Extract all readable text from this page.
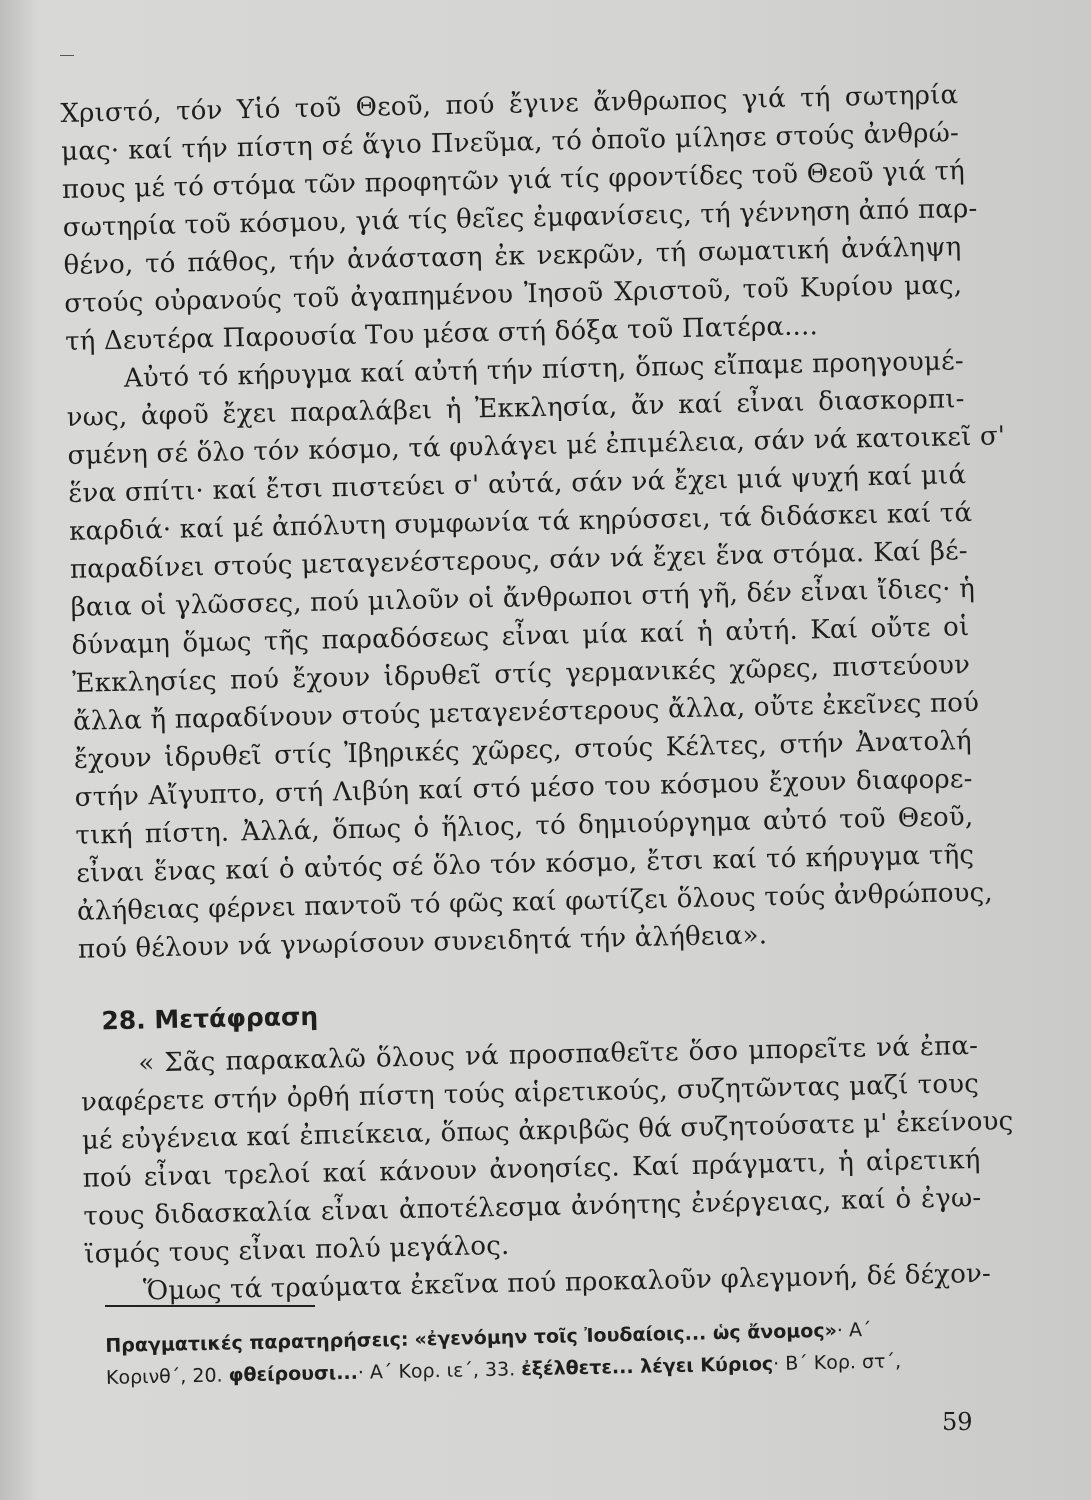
Χριστό, τόν Υἱό τοῦ Θεοῦ, πού ἔγινε ἄνθρωπος γιά τή σωτηρία
μας· καί τήν πίστη σέ ἅγιο Πνεῦμα, τό ὁποῖο μίλησε στούς ἀνθρώ-
πους μέ τό στόμα τῶν προφητῶν γιά τίς φροντίδες τοῦ Θεοῦ γιά τή
σωτηρία τοῦ κόσμου, γιά τίς θεῖες ἐμφανίσεις, τή γέννηση ἀπό παρ-
θένο, τό πάθος, τήν ἀνάσταση ἐκ νεκρῶν, τή σωματική ἀνάληψη
στούς οὐρανούς τοῦ ἀγαπημένου Ἰησοῦ Χριστοῦ, τοῦ Κυρίου μας,
τή Δευτέρα Παρουσία Του μέσα στή δόξα τοῦ Πατέρα....
Αὐτό τό κήρυγμα καί αὐτή τήν πίστη, ὅπως εἴπαμε προηγουμέ-
νως, ἀφοῦ ἔχει παραλάβει ἡ Ἐκκλησία, ἄν καί εἶναι διασκορπι-
σμένη σέ ὅλο τόν κόσμο, τά φυλάγει μέ ἐπιμέλεια, σάν νά κατοικεῖ σ'
ἕνα σπίτι· καί ἔτσι πιστεύει σ' αὐτά, σάν νά ἔχει μιά ψυχή καί μιά
καρδιά· καί μέ ἀπόλυτη συμφωνία τά κηρύσσει, τά διδάσκει καί τά
παραδίνει στούς μεταγενέστερους, σάν νά ἔχει ἕνα στόμα. Καί βέ-
βαια οἱ γλῶσσες, πού μιλοῦν οἱ ἄνθρωποι στή γῆ, δέν εἶναι ἴδιες· ἡ
δύναμη ὅμως τῆς παραδόσεως εἶναι μία καί ἡ αὐτή. Καί οὔτε οἱ
Ἐκκλησίες πού ἔχουν ἱδρυθεῖ στίς γερμανικές χῶρες, πιστεύουν
ἄλλα ἤ παραδίνουν στούς μεταγενέστερους ἄλλα, οὔτε ἐκεῖνες πού
ἔχουν ἱδρυθεῖ στίς Ἰβηρικές χῶρες, στούς Κέλτες, στήν Ἀνατολή
στήν Αἴγυπτο, στή Λιβύη καί στό μέσο του κόσμου ἔχουν διαφορε-
τική πίστη. Ἀλλά, ὅπως ὁ ἥλιος, τό δημιούργημα αὐτό τοῦ Θεοῦ,
εἶναι ἕνας καί ὁ αὐτός σέ ὅλο τόν κόσμο, ἔτσι καί τό κήρυγμα τῆς
ἀλήθειας φέρνει παντοῦ τό φῶς καί φωτίζει ὅλους τούς ἀνθρώπους,
πού θέλουν νά γνωρίσουν συνειδητά τήν ἀλήθεια».
28. Μετάφραση
« Σᾶς παρακαλῶ ὅλους νά προσπαθεῖτε ὅσο μπορεῖτε νά ἐπα-
ναφέρετε στήν ὀρθή πίστη τούς αἱρετικούς, συζητῶντας μαζί τους
μέ εὐγένεια καί ἐπιείκεια, ὅπως ἀκριβῶς θά συζητούσατε μ' ἐκείνους
πού εἶναι τρελοί καί κάνουν ἀνοησίες. Καί πράγματι, ἡ αἱρετική
τους διδασκαλία εἶναι ἀποτέλεσμα ἀνόητης ἐνέργειας, καί ὁ ἐγω-
ϊσμός τους εἶναι πολύ μεγάλος.
Ὅμως τά τραύματα ἐκεῖνα πού προκαλοῦν φλεγμονή, δέ δέχον-
Πραγματικές παρατηρήσεις: «ἐγενόμην τοῖς Ἰουδαίοις... ὡς ἄνομος»· Α΄
Κορινθ΄, 20. φθείρουσι...· Α΄ Κορ. ιε΄, 33. ἐξέλθετε... λέγει Κύριος· Β΄ Κορ. στ΄,
59
